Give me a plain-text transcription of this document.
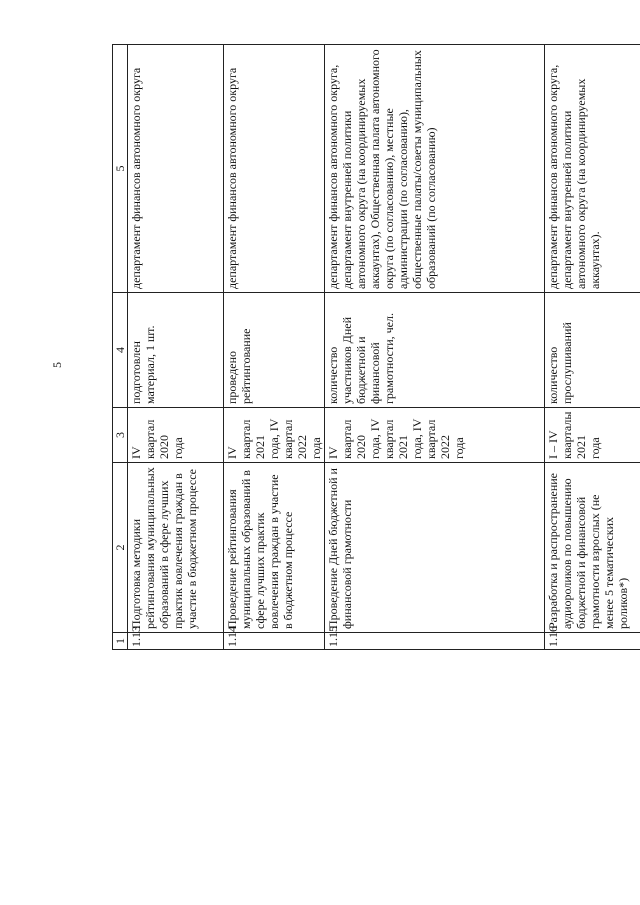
5
1	2	3	4	5
1.13	Подготовка методики рейтингования муниципальных образований в сфере лучших практик вовлечения граждан в участие в бюджетном процессе	IV квартал 2020 года	подготовлен материал, 1 шт.	департамент финансов автономного округа
1.14	Проведение рейтингования муниципальных образований в сфере лучших практик вовлечения граждан в участие в бюджетном процессе	IV квартал 2021 года, IV квартал 2022 года	проведено рейтингование	департамент финансов автономного округа
1.15	Проведение Дней бюджетной и финансовой грамотности	IV квартал 2020 года, IV квартал 2021 года, IV квартал 2022 года	количество участников Дней бюджетной и финансовой грамотности, чел.	департамент финансов автономного округа, департамент внутренней политики автономного округа (на координируемых аккаунтах), Общественная палата автономного округа (по согласованию), местные администрации (по согласованию), общественные палаты/советы муниципальных образований (по согласованию)
1.16	Разработка и распространение аудиороликов по повышению бюджетной и финансовой грамотности взрослых (не менее 5 тематических роликов*)	I – IV кварталы 2021 года	количество прослушиваний	департамент финансов автономного округа, департамент внутренней политики автономного округа (на координируемых аккаунтах).
